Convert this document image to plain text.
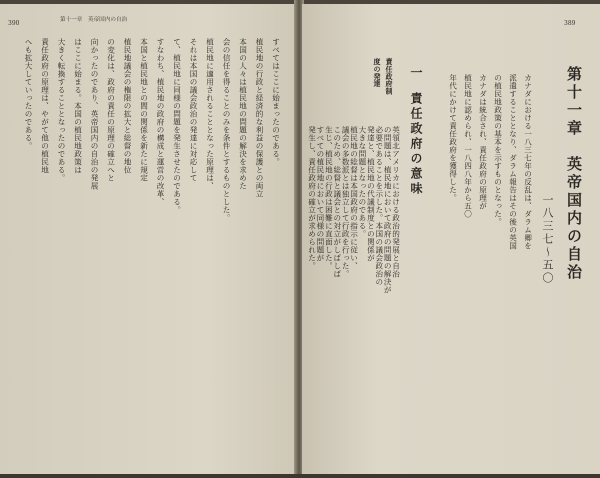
390	第十一章　英帝国内の自治
すべてはここに始まったのである。
植民地の行政と経済的な利益の保護との両立
本国の人々は植民地の問題の解決を求めた
会の信任を得ることのみを条件とするものとした。
植民地に適用されることとなった原理は、
それは本国の議会政治の発達に対応して
て、植民地に同様の問題を発生させたのである。
すなわち、植民地の政府の構成と運営の改革、
本国と植民地との間の関係を新たに規定
植民地議会の権限の拡大と総督の地位
の変化は、政府の責任の原理の確立へと
向かったのであり、英帝国内の自治の発展
はここに始まる。本国の植民地政策は
大きく転換することとなったのである。
責任政府の原理は、やがて他の植民地
へも拡大していったのである。
389
第十一章　英帝国内の自治
一八三七〜五〇
カナダにおける一八三七年の反乱は、ダラム卿を
派遣することとなり、ダラム報告はその後の英国
の植民地政策の基本を示すものとなった。
カナダは統合され、責任政府の原理が
植民地に認められ、一八四八年から五〇
年代にかけて責任政府を獲得した。
一
責任政府の意味
責任政府制
度の発達
英領北アメリカにおける政治的発展と自治
の問題は、植民地において政府の問題の解決が
必要であることを示した。本国の議会政治の
発達と、植民地の代議制度との関係が
大きな問題となったのである。
植民地の総督は本国政府の指示に従い、
議会の多数派とは独立して行政を行った。
このため、総督と議会との対立がしばしば
生じ、植民地の行政は困難に直面した。
すべての植民地において同様の問題が
発生し、責任政府の確立が求められた。
